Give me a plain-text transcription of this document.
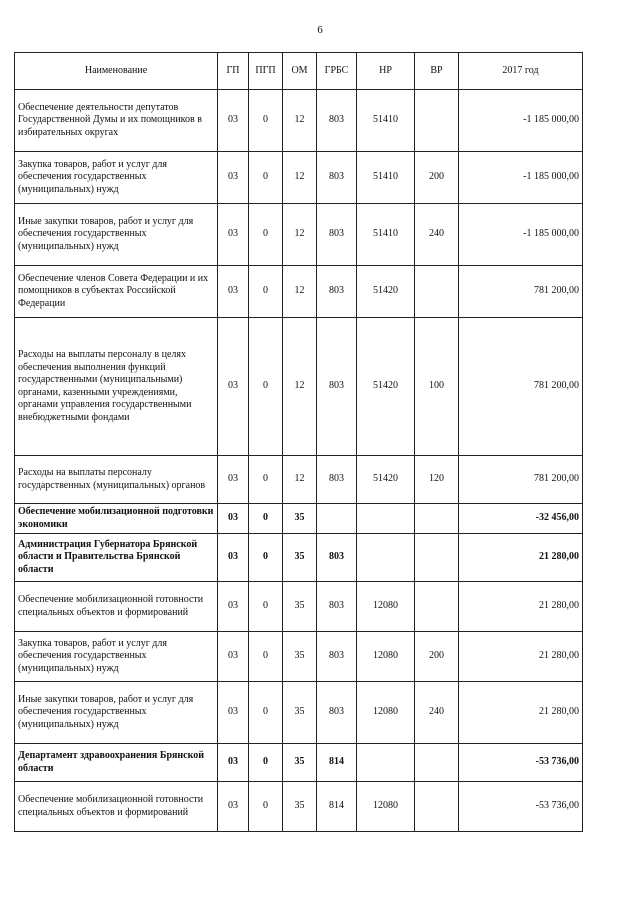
6
Наименование	ГП	ПГП	ОМ	ГРБС	НР	ВР	2017 год
Обеспечение деятельности депутатов Государственной Думы и их помощников в избирательных округах	03	0	12	803	51410		-1 185 000,00
Закупка товаров, работ и услуг для обеспечения государственных (муниципальных) нужд	03	0	12	803	51410	200	-1 185 000,00
Иные закупки товаров, работ и услуг для обеспечения государственных (муниципальных) нужд	03	0	12	803	51410	240	-1 185 000,00
Обеспечение членов Совета Федерации и их помощников в субъектах Российской Федерации	03	0	12	803	51420		781 200,00
Расходы на выплаты персоналу в целях обеспечения выполнения функций государственными (муниципальными) органами, казенными учреждениями, органами управления государственными внебюджетными фондами	03	0	12	803	51420	100	781 200,00
Расходы на выплаты персоналу государственных (муниципальных) органов	03	0	12	803	51420	120	781 200,00
Обеспечение мобилизационной подготовки экономики	03	0	35				-32 456,00
Администрация Губернатора Брянской области и Правительства Брянской области	03	0	35	803			21 280,00
Обеспечение мобилизационной готовности специальных объектов и формирований	03	0	35	803	12080		21 280,00
Закупка товаров, работ и услуг для обеспечения государственных (муниципальных) нужд	03	0	35	803	12080	200	21 280,00
Иные закупки товаров, работ и услуг для обеспечения государственных (муниципальных) нужд	03	0	35	803	12080	240	21 280,00
Департамент здравоохранения Брянской области	03	0	35	814			-53 736,00
Обеспечение мобилизационной готовности специальных объектов и формирований	03	0	35	814	12080		-53 736,00
